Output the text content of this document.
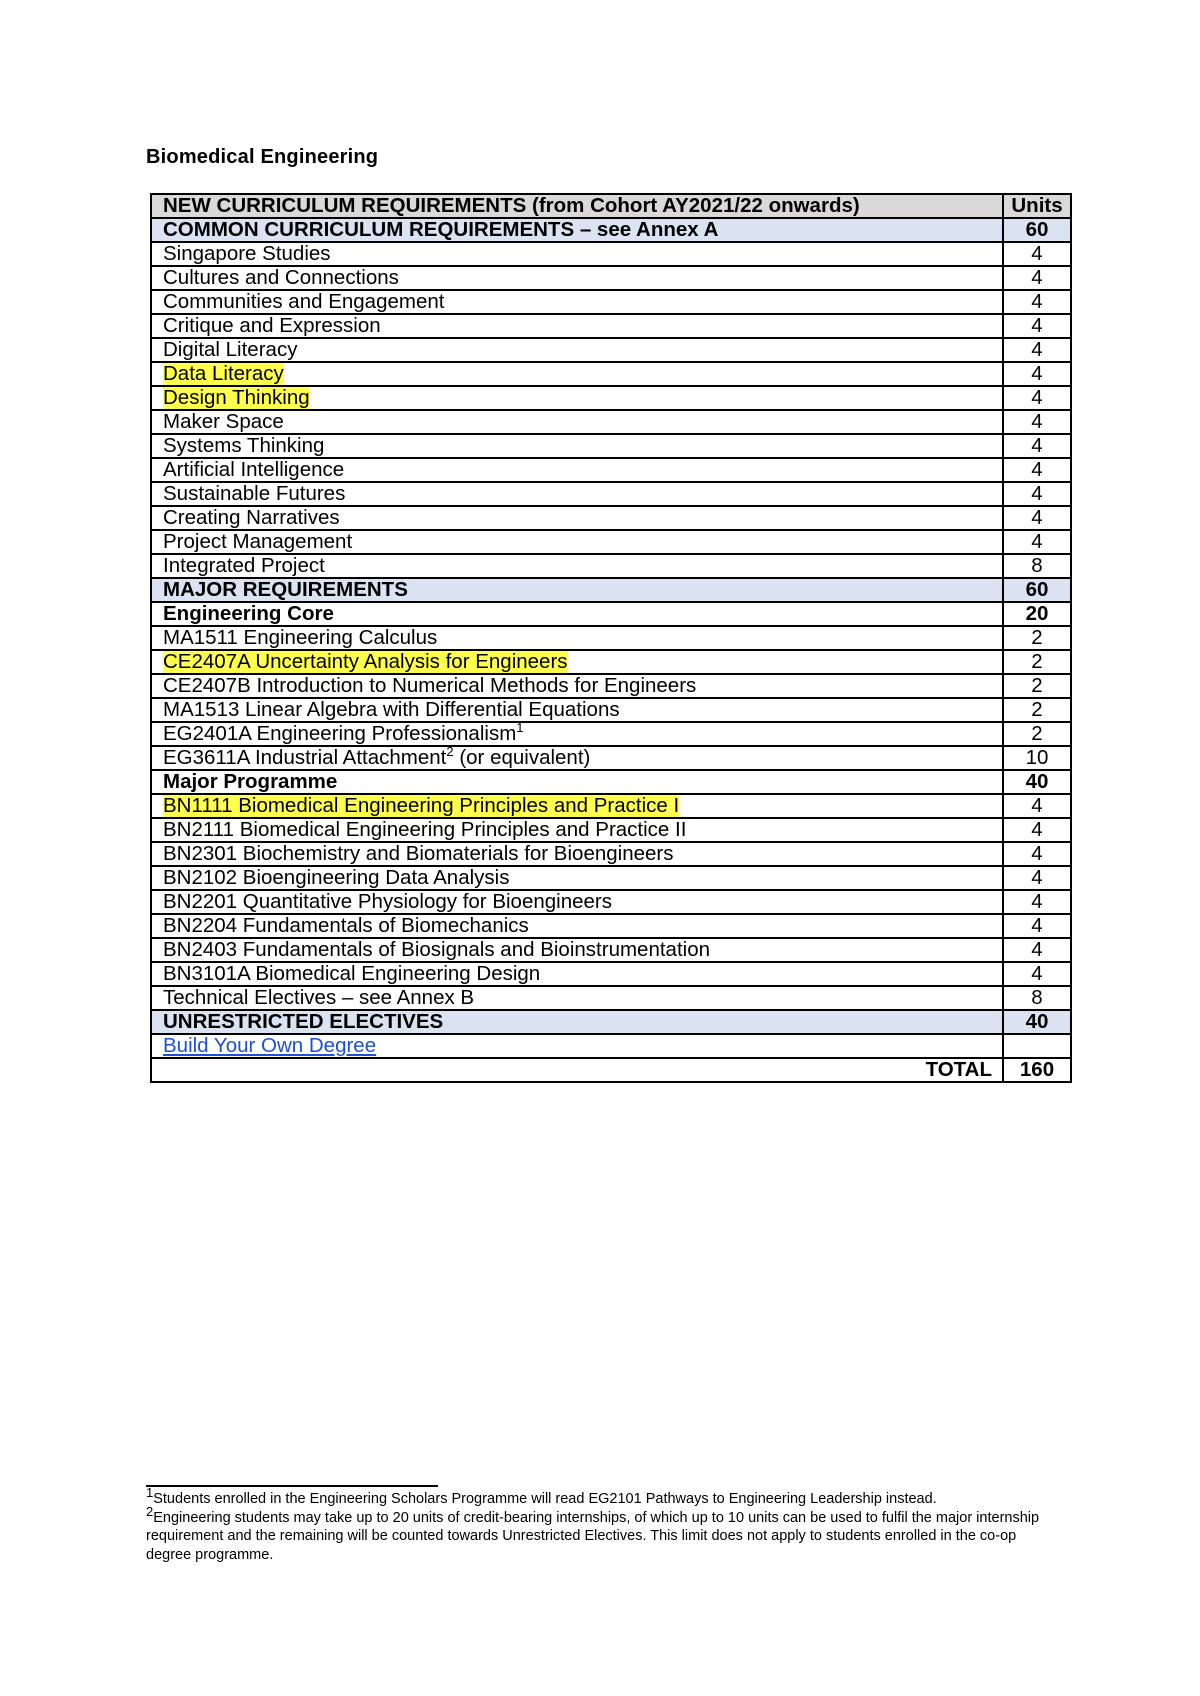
Biomedical Engineering
NEW CURRICULUM REQUIREMENTS (from Cohort AY2021/22 onwards)	Units
COMMON CURRICULUM REQUIREMENTS – see Annex A	60
Singapore Studies	4
Cultures and Connections	4
Communities and Engagement	4
Critique and Expression	4
Digital Literacy	4
Data Literacy	4
Design Thinking	4
Maker Space	4
Systems Thinking	4
Artificial Intelligence	4
Sustainable Futures	4
Creating Narratives	4
Project Management	4
Integrated Project	8
MAJOR REQUIREMENTS	60
Engineering Core	20
MA1511 Engineering Calculus	2
CE2407A Uncertainty Analysis for Engineers	2
CE2407B Introduction to Numerical Methods for Engineers	2
MA1513 Linear Algebra with Differential Equations	2
EG2401A Engineering Professionalism$^1$	2
EG3611A Industrial Attachment$^2$ (or equivalent)	10
Major Programme	40
BN1111 Biomedical Engineering Principles and Practice I	4
BN2111 Biomedical Engineering Principles and Practice II	4
BN2301 Biochemistry and Biomaterials for Bioengineers	4
BN2102 Bioengineering Data Analysis	4
BN2201 Quantitative Physiology for Bioengineers	4
BN2204 Fundamentals of Biomechanics	4
BN2403 Fundamentals of Biosignals and Bioinstrumentation	4
BN3101A Biomedical Engineering Design	4
Technical Electives – see Annex B	8
UNRESTRICTED ELECTIVES	40
Build Your Own Degree	
TOTAL	160

$^1$Students enrolled in the Engineering Scholars Programme will read EG2101 Pathways to Engineering Leadership instead.

$^2$Engineering students may take up to 20 units of credit-bearing internships, of which up to 10 units can be used to fulfil the major internship requirement and the remaining will be counted towards Unrestricted Electives. This limit does not apply to students enrolled in the co-op degree programme.
